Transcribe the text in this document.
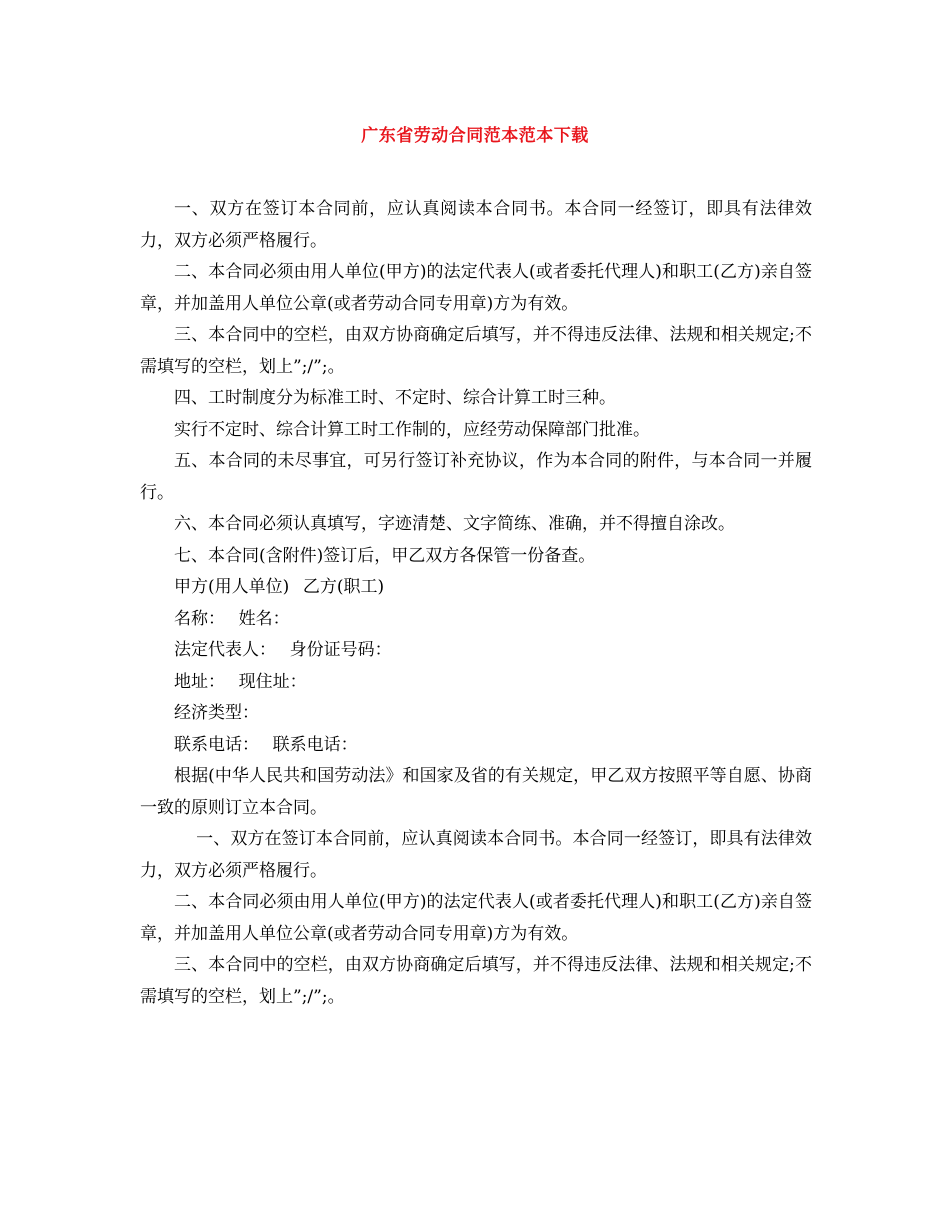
广东省劳动合同范本范本下载

一、双方在签订本合同前，应认真阅读本合同书。本合同一经签订，即具有法律效力，双方必须严格履行。

二、本合同必须由用人单位(甲方)的法定代表人(或者委托代理人)和职工(乙方)亲自签章，并加盖用人单位公章(或者劳动合同专用章)方为有效。

三、本合同中的空栏，由双方协商确定后填写，并不得违反法律、法规和相关规定;不需填写的空栏，划上”;/”;。

四、工时制度分为标准工时、不定时、综合计算工时三种。

实行不定时、综合计算工时工作制的，应经劳动保障部门批准。

五、本合同的未尽事宜，可另行签订补充协议，作为本合同的附件，与本合同一并履行。

六、本合同必须认真填写，字迹清楚、文字简练、准确，并不得擅自涂改。

七、本合同(含附件)签订后，甲乙双方各保管一份备查。

甲方(用人单位) 乙方(职工)

名称： 姓名：

法定代表人： 身份证号码：

地址： 现住址：

经济类型：

联系电话： 联系电话：

根据(中华人民共和国劳动法》和国家及省的有关规定，甲乙双方按照平等自愿、协商一致的原则订立本合同。

一、双方在签订本合同前，应认真阅读本合同书。本合同一经签订，即具有法律效力，双方必须严格履行。

二、本合同必须由用人单位(甲方)的法定代表人(或者委托代理人)和职工(乙方)亲自签章，并加盖用人单位公章(或者劳动合同专用章)方为有效。

三、本合同中的空栏，由双方协商确定后填写，并不得违反法律、法规和相关规定;不需填写的空栏，划上”;/”;。
